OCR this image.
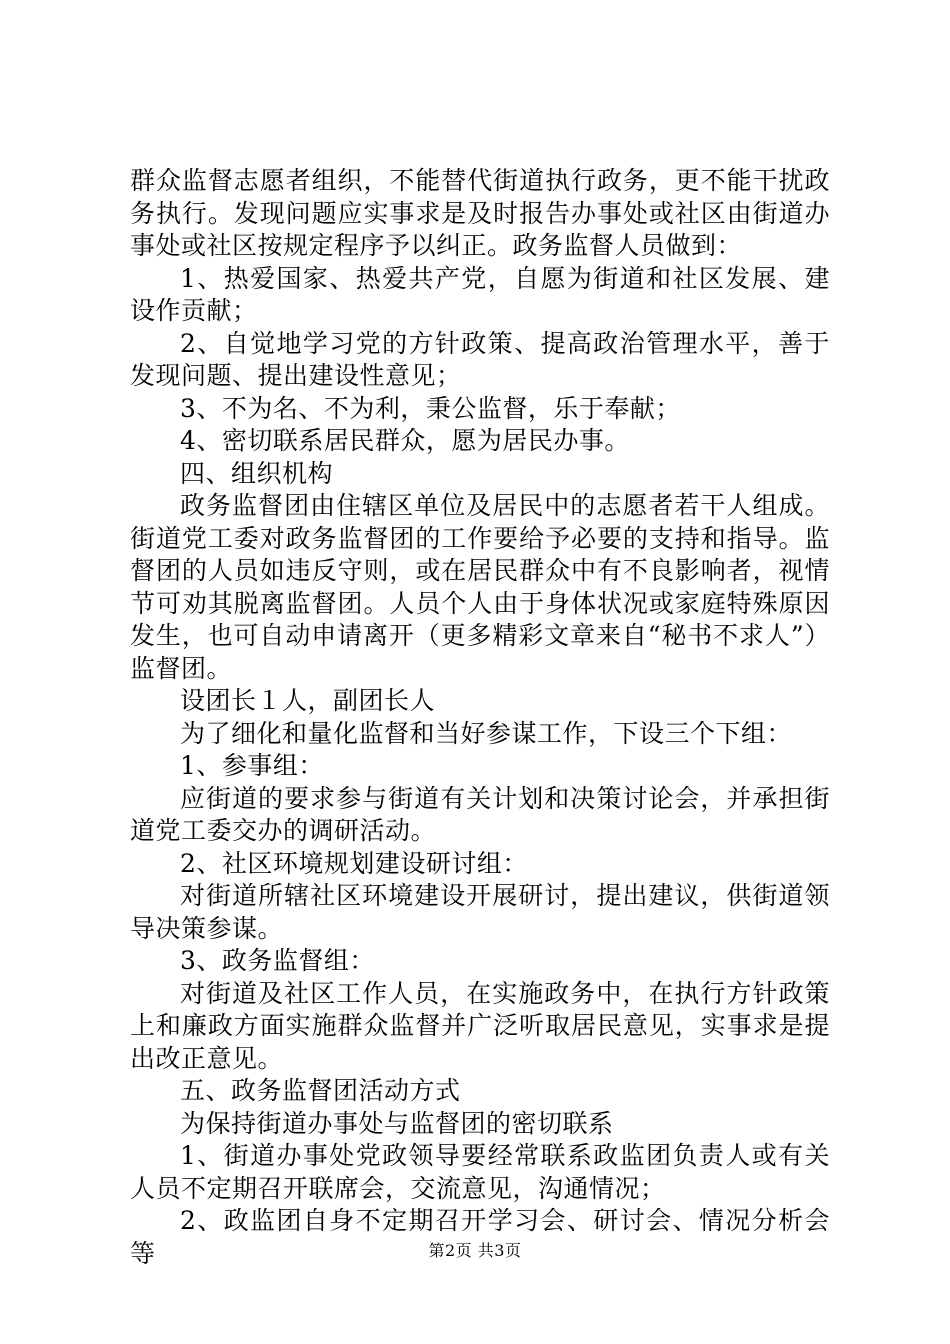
群众监督志愿者组织，不能替代街道执行政务，更不能干扰政务执行。发现问题应实事求是及时报告办事处或社区由街道办事处或社区按规定程序予以纠正。政务监督人员做到：

1、热爱国家、热爱共产党，自愿为街道和社区发展、建设作贡献；

2、自觉地学习党的方针政策、提高政治管理水平，善于发现问题、提出建设性意见；

3、不为名、不为利，秉公监督，乐于奉献；

4、密切联系居民群众，愿为居民办事。

四、组织机构

政务监督团由住辖区单位及居民中的志愿者若干人组成。街道党工委对政务监督团的工作要给予必要的支持和指导。监督团的人员如违反守则，或在居民群众中有不良影响者，视情节可劝其脱离监督团。人员个人由于身体状况或家庭特殊原因发生，也可自动申请离开（更多精彩文章来自“秘书不求人”）监督团。

设团长１人，副团长人

为了细化和量化监督和当好参谋工作，下设三个下组：

1、参事组：

应街道的要求参与街道有关计划和决策讨论会，并承担街道党工委交办的调研活动。

2、社区环境规划建设研讨组：

对街道所辖社区环境建设开展研讨，提出建议，供街道领导决策参谋。

3、政务监督组：

对街道及社区工作人员，在实施政务中，在执行方针政策上和廉政方面实施群众监督并广泛听取居民意见，实事求是提出改正意见。

五、政务监督团活动方式

为保持街道办事处与监督团的密切联系

1、街道办事处党政领导要经常联系政监团负责人或有关人员不定期召开联席会，交流意见，沟通情况；

2、政监团自身不定期召开学习会、研讨会、情况分析会等	第2页 共3页
